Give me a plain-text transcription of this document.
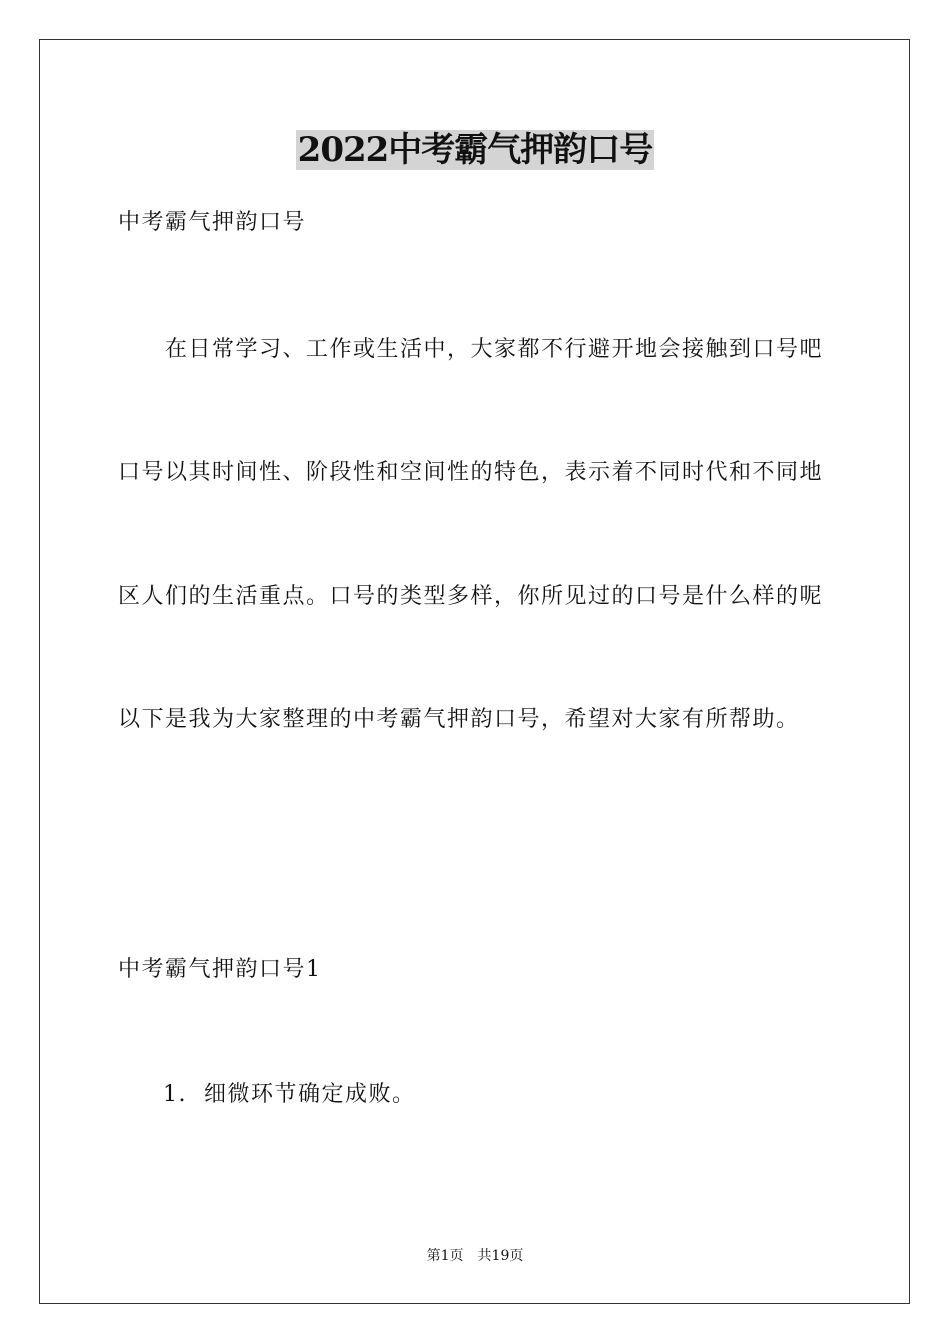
2022中考霸气押韵口号
中考霸气押韵口号
在日常学习、工作或生活中，大家都不行避开地会接触到口号吧
口号以其时间性、阶段性和空间性的特色，表示着不同时代和不同地
区人们的生活重点。口号的类型多样，你所见过的口号是什么样的呢
以下是我为大家整理的中考霸气押韵口号，希望对大家有所帮助。
中考霸气押韵口号1
1.  细微环节确定成败。
第1页 共19页
